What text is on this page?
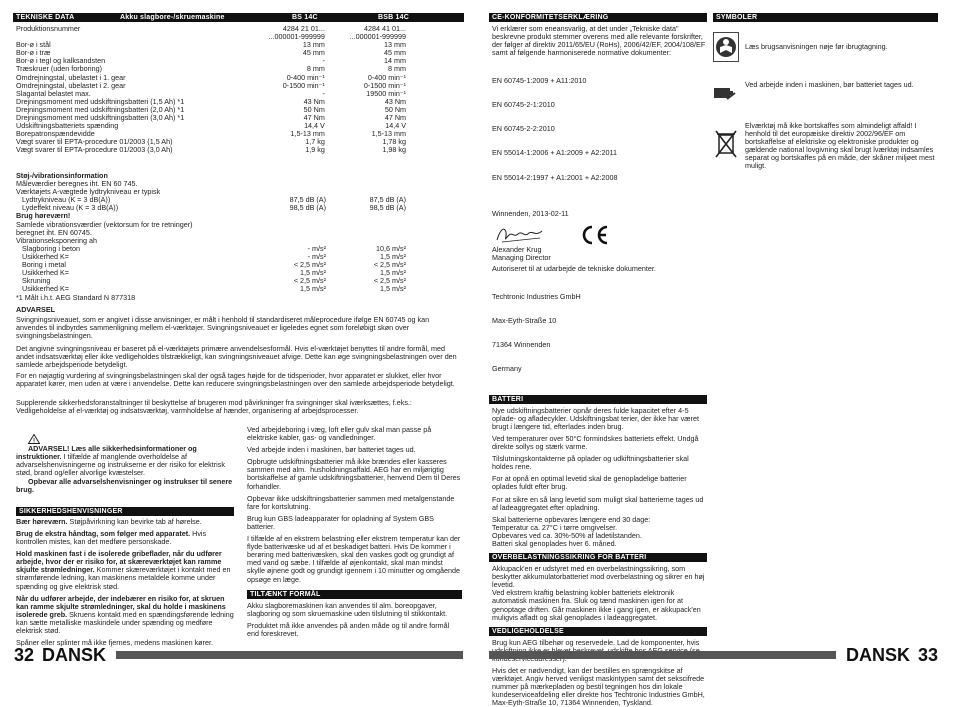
TEKNISKE DATA	Akku slagbore-/skruemaskine	BS 14C	BSB 14C
Produktionsnummer	4284 21 01...	4284 41 01...
...000001-999999	...000001-999999
Bor-ø i stål	13 mm	13 mm
Bor-ø i træ	45 mm	45 mm
Bor-ø i tegl og kalksandsten	-	14 mm
Træskruer (uden forboring)	8 mm	8 mm
Omdrejningstal, ubelastet i 1. gear	0-400 min⁻¹	0-400 min⁻¹
Omdrejningstal, ubelastet i 2. gear	0-1500 min⁻¹	0-1500 min⁻¹
Slagantal belastet max.	-	19500 min⁻¹
Drejningsmoment med udskiftningsbatteri (1,5 Ah) *1	43 Nm	43 Nm
Drejningsmoment med udskiftningsbatteri (2,0 Ah) *1	50 Nm	50 Nm
Drejningsmoment med udskiftningsbatteri (3,0 Ah) *1	47 Nm	47 Nm
Udskiftningsbatteriets spænding	14,4 V	14,4 V
Borepatronspændevidde	1,5-13 mm	1,5-13 mm
Vægt svarer til EPTA-procedure 01/2003 (1,5 Ah)	1,7 kg	1,78 kg
Vægt svarer til EPTA-procedure 01/2003 (3,0 Ah)	1,9 kg	1,98 kg
Støj-/vibrationsinformation
Måleværdier beregnes iht. EN 60 745.
Værktøjets A-vægtede lydtrykniveau er typisk
Lydtrykniveau (K = 3 dB(A))	87,5 dB (A)	87,5 dB (A)
Lydeffekt niveau (K = 3 dB(A))	98,5 dB (A)	98,5 dB (A)
Brug høreværn!
Samlede vibrationsværdier (vektorsum for tre retninger)
beregnet iht. EN 60745.
Vibrationseksponering ah
Slagboring i beton	- m/s²	10,6 m/s²
Usikkerhed K=	- m/s²	1,5 m/s²
Boring i metal	< 2,5 m/s²	< 2,5 m/s²
Usikkerhed K=	1,5 m/s²	1,5 m/s²
Skruning	< 2,5 m/s²	< 2,5 m/s²
Usikkerhed K=	1,5 m/s²	1,5 m/s²
*1 Målt i.h.t. AEG Standard N 877318
ADVARSEL
Svingningsniveauet, som er angivet i disse anvisninger, er målt i henhold til standardiseret måleprocedure ifølge EN 60745 og kan anvendes til indbyrdes sammenligning mellem el-værktøjer. Svingningsniveauet er ligeledes egnet som foreløbigt skøn over svingningsbelastningen.
Det angivne svingningsniveau er baseret på el-værktøjets primære anvendelsesformål. Hvis el-værktøjet benyttes til andre formål, med andet indsatsværktøj eller ikke vedligeholdes tilstrækkeligt, kan svingningsniveauet afvige. Dette kan øge svingningsbelastningen over den samlede arbejdsperiode betydeligt.
For en nøjagtig vurdering af svingningsbelastningen skal der også tages højde for de tidsperioder, hvor apparatet er slukket, eller hvor apparatet kører, men uden at være i anvendelse. Dette kan reducere svingningsbelastningen over den samlede arbejdsperiode betydeligt.
Supplerende sikkerhedsforanstaltninger til beskyttelse af brugeren mod påvirkninger fra svingninger skal iværksættes, f.eks.: Vedligeholdelse af el-værktøj og indsatsværktøj, varmholdelse af hænder, organisering af arbejdsprocesser.

!

ADVARSEL! Læs alle sikkerhedsinformationer og instruktioner. I tilfælde af manglende overholdelse af advarselshenvisningerne og instrukserne er der risiko for elektrisk stød, brand og/eller alvorlige kvæstelser.
Opbevar alle advarselshenvisninger og instrukser til senere brug.

SIKKERHEDSHENVISNINGER
Bær høreværn. Støjpåvirkning kan bevirke tab af hørelse.
Brug de ekstra håndtag, som følger med apparatet. Hvis kontrollen mistes, kan det medføre personskade.
Hold maskinen fast i de isolerede gribeflader, når du udfører arbejde, hvor der er risiko for, at skæreværktøjet kan ramme skjulte strømledninger. Kommer skæreværktøjet i kontakt med en strømførende ledning, kan maskinens metaldele komme under spænding og give elektrisk stød.
Når du udfører arbejde, der indebærer en risiko for, at skruen kan ramme skjulte strømledninger, skal du holde i maskinens isolerede greb. Skruens kontakt med en spændingsførende ledning kan sætte metalliske maskindele under spænding og medføre elektrisk stød.
Spåner eller splinter må ikke fjernes, medens maskinen kører.
Ved arbejdeboring i væg, loft eller gulv skal man passe på elektriske kabler, gas- og vandledninger.
Ved arbejde inden i maskinen, bør batteriet tages ud.
Opbrugte udskiftningsbatterier må ikke brændes eller kasseres sammen med alm.  husholdningsaffald. AEG har en miljørigtig bortskaffelse af gamle udskiftningsbatterier, henvend Dem til Deres forhandler.
Opbevar ikke udskiftningsbatterier sammen med metalgenstande fare for kortslutning.
Brug kun GBS ladeapparater for opladning af System GBS batterier.
I tilfælde af en ekstrem belastning eller ekstrem temperatur kan der flyde batterivæske ud af et beskadiget batteri. Hvis De kommer i berøring med batterivæsken, skal den vaskes godt og grundigt af med vand og sæbe. I tilfælde af øjenkontakt, skal man mindst skylle øjnene godt og grundigt igennem i 10 minutter og omgående opsøge en læge.
TILTÆNKT FORMÅL
Akku slagboremaskinen kan anvendes til alm. boreopgaver, slagboring og som skruemaskine uden tilslutning til stikkontakt.
Produktet må ikke anvendes på anden måde og til andre formål end foreskrevet.
32 DANSK
CE-KONFORMITETSERKLÆRING
Vi erklærer som eneansvarlig, at det under „Tekniske data" beskrevne produkt stemmer overens med alle relevante forskrifter, der følger af direktiv 2011/65/EU (RoHs), 2006/42/EF, 2004/108/EF samt af følgende harmoniserede normative dokumenter:

EN 60745-1:2009 + A11:2010

EN 60745-2-1:2010

EN 60745-2-2:2010

EN 55014-1:2006 + A1:2009 + A2:2011

EN 55014-2:1997 + A1:2001 + A2:2008

Winnenden, 2013-02-11
Alexander Krug
Managing Director
Autoriseret til at udarbejde de tekniske dokumenter.

Techtronic Industries GmbH

Max-Eyth-Straße 10

71364 Winnenden

Germany

BATTERI
Nye udskiftningsbatterier opnår deres fulde kapacitet efter 4-5 oplade- og afladecykler. Udskiftningsbat terier, der ikke har været brugt i længere tid, efterlades inden brug.
Ved temperaturer over 50°C formindskes batteriets effekt. Undgå direkte sollys og stærk varme.
Tilslutningskontakterne på oplader og udkiftningsbatterier skal holdes rene.
For at opnå en optimal levetid skal de genopladelige batterier oplades fuldt efter brug.
For at sikre en så lang levetid som muligt skal batterierne tages ud af ladeaggregatet efter opladning.
Skal batterierne opbevares længere end 30 dage:
Temperatur ca. 27°C i tørre omgivelser.
Opbevares ved ca. 30%-50% af ladetilstanden.
Batteri skal genoplades hver 6. måned.
OVERBELASTNINGSSIKRING FOR BATTERI
Akkupack'en er udstyret med en overbelastningssikring, som beskytter akkumulatorbatteriet mod overbelastning og sikrer en høj levetid.
Ved ekstrem kraftig belastning kobler batteriets elektronik automatisk maskinen fra. Sluk og tænd maskinen igen for at genoptage driften. Går maskinen ikke i gang igen, er akkupack'en muligvis afladt og skal genoplades i ladeaggregatet.
VEDLIGEHOLDELSE
Brug kun AEG tilbehør og reservedele. Lad de komponenter, hvis
Hvis det er nødvendigt, kan der bestilles en sprængskitse af værktøjet. Angiv herved venligst maskintypen samt det sekscifrede nummer på mærkepladen og bestil tegningen hos din lokale kundeserviceafdeling eller direkte hos Techtronic Industries GmbH, Max-Eyth-Straße 10, 71364 Winnenden, Tyskland.
SYMBOLER
Læs brugsanvisningen nøje før ibrugtagning.
Ved arbejde inden i maskinen, bør batteriet tages ud.
Elværktøj må ikke bortskaffes som almindeligt affald! I henhold til det europæiske direktiv 2002/96/EF om bortskaffelse af elektriske og elektroniske produkter og gældende national lovgivning skal brugt lværktøj indsamles separat og bortskaffes på en måde, der skåner miljøet mest muligt.
DANSK 33
